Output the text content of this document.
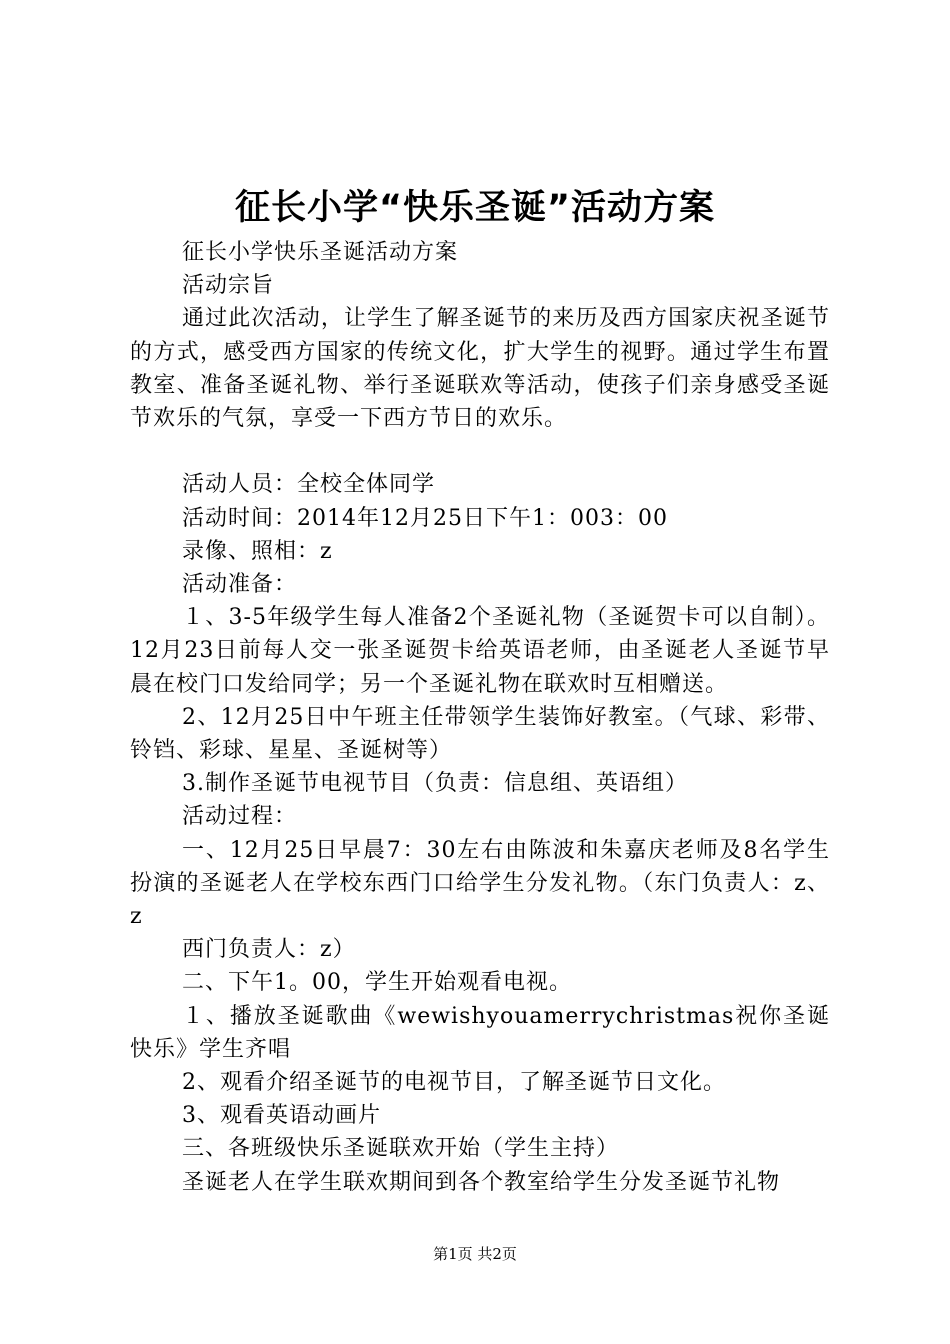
征长小学“快乐圣诞”活动方案

征长小学快乐圣诞活动方案

活动宗旨

通过此次活动，让学生了解圣诞节的来历及西方国家庆祝圣诞节的方式，感受西方国家的传统文化，扩大学生的视野。通过学生布置教室、准备圣诞礼物、举行圣诞联欢等活动，使孩子们亲身感受圣诞节欢乐的气氛，享受一下西方节日的欢乐。

活动人员：全校全体同学

活动时间：2014年12月25日下午1：003：00

录像、照相：z

活动准备：

１、3-5年级学生每人准备2个圣诞礼物（圣诞贺卡可以自制）。12月23日前每人交一张圣诞贺卡给英语老师，由圣诞老人圣诞节早晨在校门口发给同学；另一个圣诞礼物在联欢时互相赠送。

2、12月25日中午班主任带领学生装饰好教室。（气球、彩带、铃铛、彩球、星星、圣诞树等）

3.制作圣诞节电视节目（负责：信息组、英语组）

活动过程：

一、12月25日早晨7：30左右由陈波和朱嘉庆老师及8名学生扮演的圣诞老人在学校东西门口给学生分发礼物。（东门负责人：z、z

西门负责人：z）

二、下午1。00，学生开始观看电视。

１、播放圣诞歌曲《wewishyouamerrychristmas祝你圣诞快乐》学生齐唱

2、观看介绍圣诞节的电视节目，了解圣诞节日文化。

3、观看英语动画片

三、各班级快乐圣诞联欢开始（学生主持）

圣诞老人在学生联欢期间到各个教室给学生分发圣诞节礼物

第1页 共2页
